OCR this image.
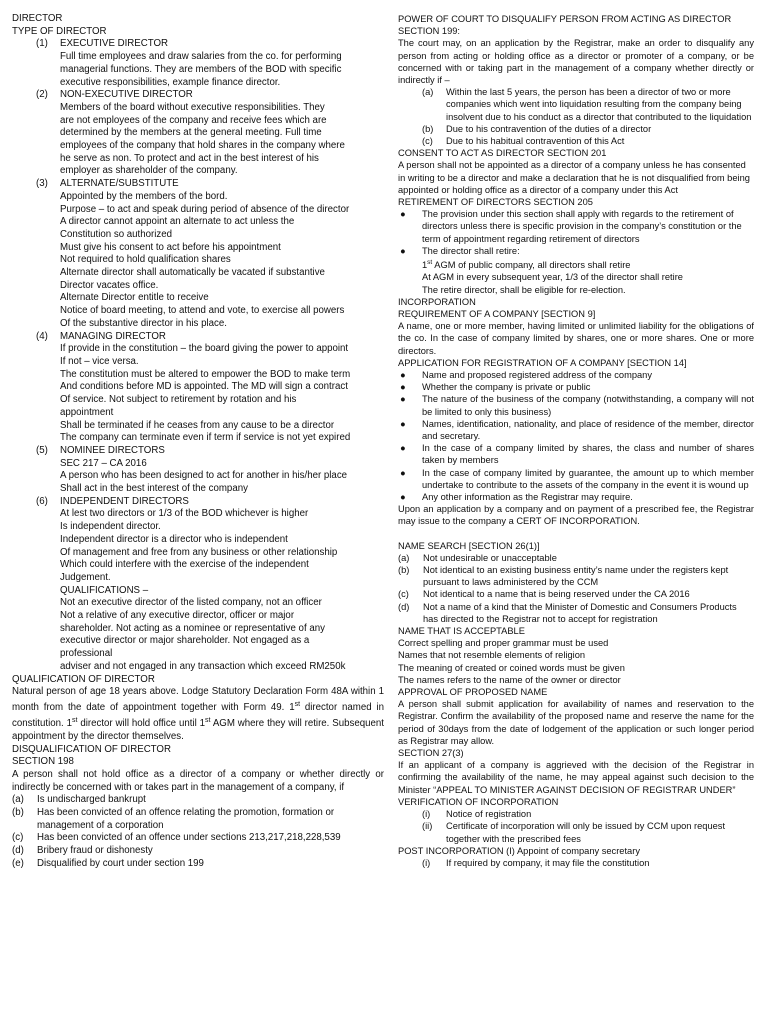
DIRECTOR
TYPE OF DIRECTOR
(1) EXECUTIVE DIRECTOR
Full time employees and draw salaries from the co. for performing
managerial functions. They are members of the BOD with specific
executive responsibilities, example finance director.
(2) NON-EXECUTIVE DIRECTOR
Members of the board without executive responsibilities. They
are not employees of the company and receive fees which are
determined by the members at the general meeting. Full time
employees of the company that hold shares in the company where
he serve as non. To protect and act in the best interest of his
employer as shareholder of the company.
(3) ALTERNATE/SUBSTITUTE
Appointed by the members of the bord.
Purpose – to act and speak during period of absence of the director
A director cannot appoint an alternate to act unless the
Constitution so authorized
Must give his consent to act before his appointment
Not required to hold qualification shares
Alternate director shall automatically be vacated if substantive
Director vacates office.
Alternate Director entitle to receive
Notice of board meeting, to attend and vote, to exercise all powers
Of the substantive director in his place.
(4) MANAGING DIRECTOR
If provide in the constitution – the board giving the power to appoint
If not – vice versa.
The constitution must be altered to empower the BOD to make term
And conditions before MD is appointed. The MD will sign a contract
Of service. Not subject to retirement by rotation and his
appointment
Shall be terminated if he ceases from any cause to be a director
The company can terminate even if term if service is not yet expired
(5) NOMINEE DIRECTORS
SEC 217 – CA 2016
A person who has been designed to act for another in his/her place
Shall act in the best interest of the company
(6) INDEPENDENT DIRECTORS
At lest two directors or 1/3 of the BOD whichever is higher
Is independent director.
Independent director is a director who is independent
Of management and free from any business or other relationship
Which could interfere with the exercise of the independent
Judgement.
QUALIFICATIONS –
Not an executive director of the listed company, not an officer
Not a relative of any executive director, officer or major
shareholder. Not acting as a nominee or representative of any
executive director or major shareholder. Not engaged as a
professional
adviser and not engaged in any transaction which exceed RM250k
QUALIFICATION OF DIRECTOR
Natural person of age 18 years above. Lodge Statutory Declaration Form 48A within 1 month from the date of appointment together with Form 49. 1st director named in constitution. 1st director will hold office until 1st AGM where they will retire. Subsequent appointment by the director themselves.
DISQUALIFICATION OF DIRECTOR
SECTION 198
A person shall not hold office as a director of a company or whether directly or indirectly be concerned with or takes part in the management of a company, if
(a)	Is undischarged bankrupt
(b)	Has been convicted of an offence relating the promotion, formation or management of a corporation
(c)	Has been convicted of an offence under sections 213,217,218,228,539
(d)	Bribery fraud or dishonesty
(e)	Disqualified by court under section 199
POWER OF COURT TO DISQUALIFY PERSON FROM ACTING AS DIRECTOR
SECTION 199:
The court may, on an application by the Registrar, make an order to disqualify any person from acting or holding office as a director or promoter of a company, or be concerned with or taking part in the management of a company whether directly or indirectly if –
(a) Within the last 5 years, the person has been a director of two or more companies which went into liquidation resulting from the company being insolvent due to his conduct as a director that contributed to the liquidation
(b) Due to his contravention of the duties of a director
(c) Due to his habitual contravention of this Act
CONSENT TO ACT AS DIRECTOR SECTION 201
A person shall not be appointed as a director of a company unless he has consented in writing to be a director and make a declaration that he is not disqualified from being appointed or holding office as a director of a company under this Act
RETIREMENT OF DIRECTORS SECTION 205
● The provision under this section shall apply with regards to the retirement of directors unless there is specific provision in the company’s constitution or the term of appointment regarding retirement of directors
● The director shall retire:
1st AGM of public company, all directors shall retire
At AGM in every subsequent year, 1/3 of the director shall retire
The retire director, shall be eligible for re-election.
INCORPORATION
REQUIREMENT OF A COMPANY [SECTION 9]
A name, one or more member, having limited or unlimited liability for the obligations of the co. In the case of company limited by shares, one or more shares. One or more directors.
APPLICATION FOR REGISTRATION OF A COMPANY [SECTION 14]
● Name and proposed registered address of the company
● Whether the company is private or public
● The nature of the business of the company (notwithstanding, a company will not be limited to only this business)
● Names, identification, nationality, and place of residence of the member, director and secretary.
● In the case of a company limited by shares, the class and number of shares taken by members
● In the case of company limited by guarantee, the amount up to which member undertake to contribute to the assets of the company in the event it is wound up
● Any other information as the Registrar may require.
Upon an application by a company and on payment of a prescribed fee, the Registrar may issue to the company a CERT OF INCORPORATION.
NAME SEARCH [SECTION 26(1)]
(a)	Not undesirable or unacceptable
(b)	Not identical to an existing business entity’s name under the registers kept pursuant to laws administered by the CCM
(c)	Not identical to a name that is being reserved under the CA 2016
(d)	Not a name of a kind that the Minister of Domestic and Consumers Products has directed to the Registrar not to accept for registration
NAME THAT IS ACCEPTABLE
Correct spelling and proper grammar must be used
Names that not resemble elements of religion
The meaning of created or coined words must be given
The names refers to the name of the owner or director
APPROVAL OF PROPOSED NAME
A person shall submit application for availability of names and reservation to the Registrar. Confirm the availability of the proposed name and reserve the name for the period of 30days from the date of lodgement of the application or such longer period as Registrar may allow.
SECTION 27(3)
If an applicant of a company is aggrieved with the decision of the Registrar in confirming the availability of the name, he may appeal against such decision to the Minister “APPEAL TO MINISTER AGAINST DECISION OF REGISTRAR UNDER”
VERIFICATION OF INCORPORATION
(i) Notice of registration
(ii) Certificate of incorporation will only be issued by CCM upon request together with the prescribed fees
POST INCORPORATION (I) Appoint of company secretary
(i) If required by company, it may file the constitution
